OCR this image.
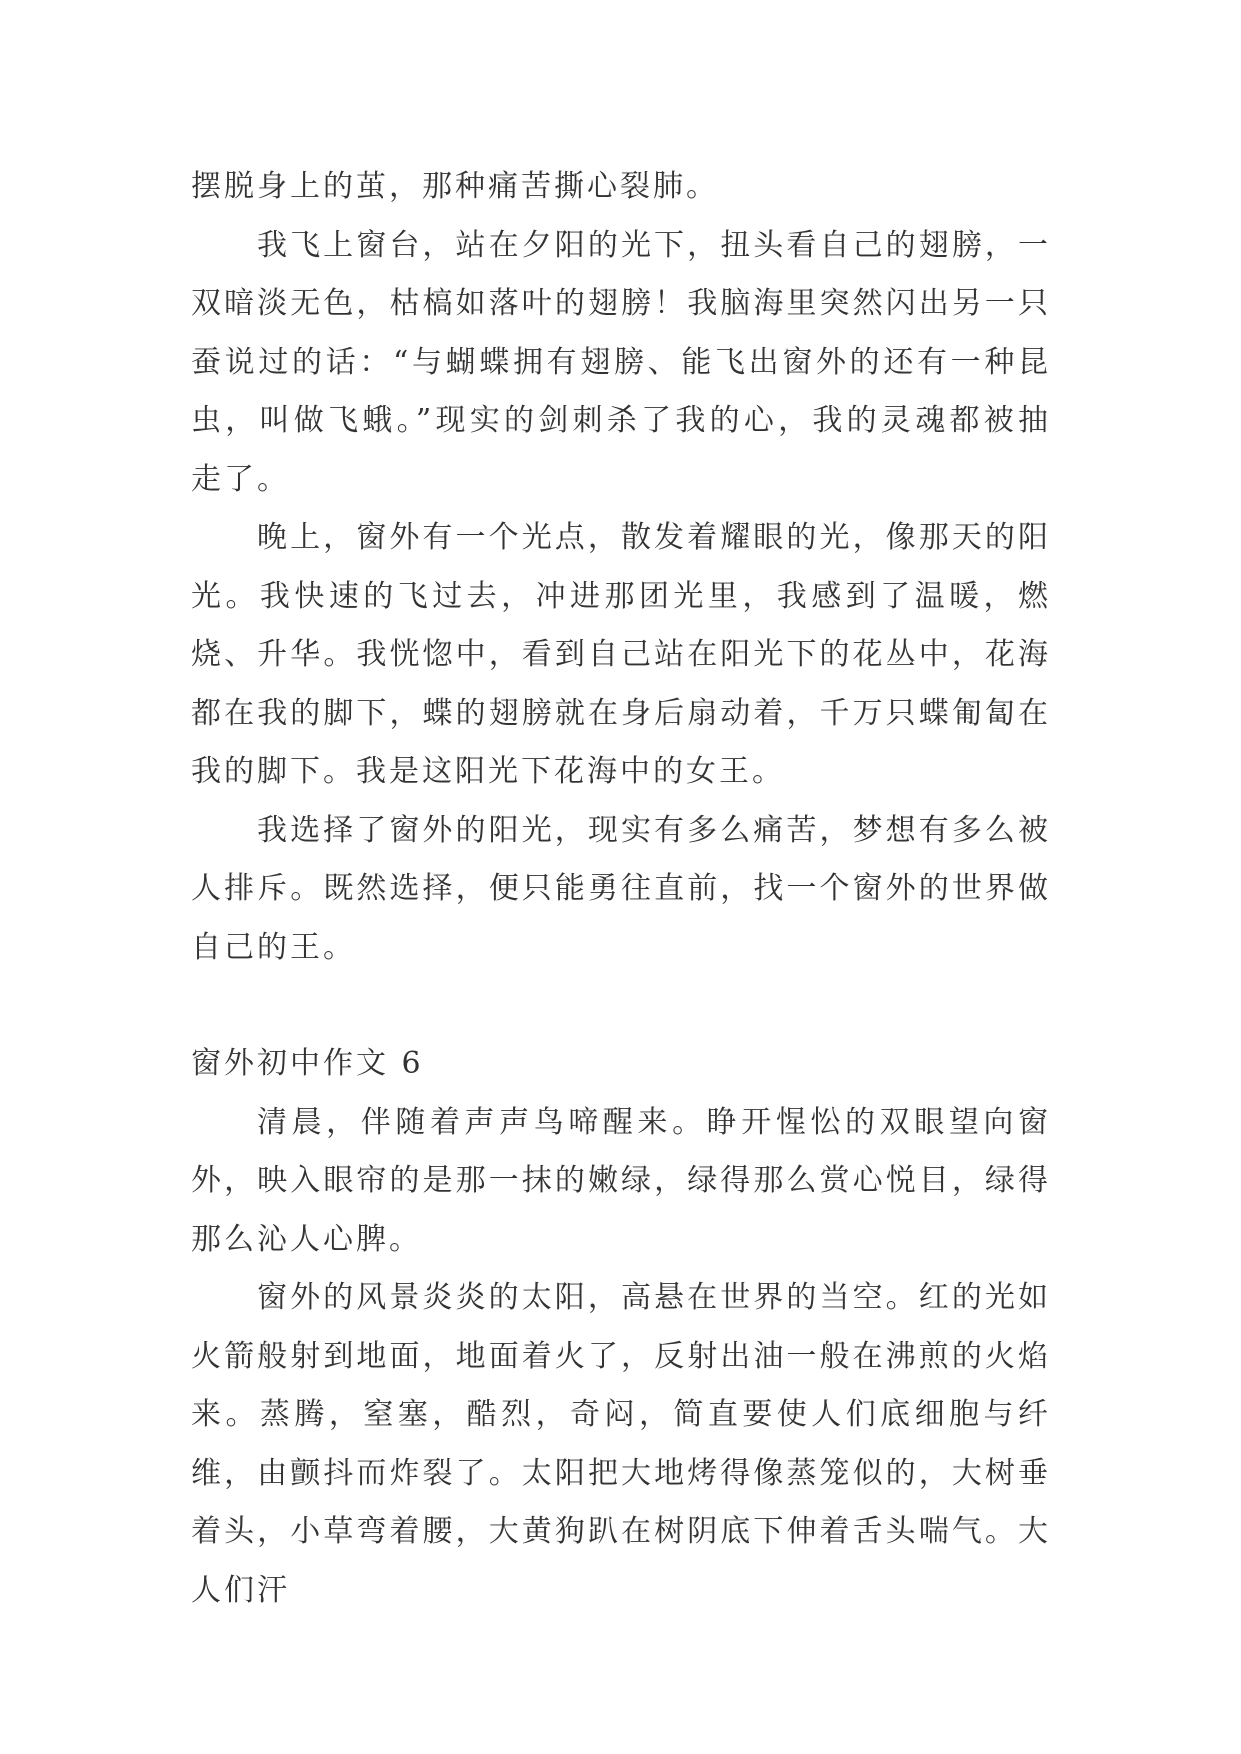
摆脱身上的茧，那种痛苦撕心裂肺。

我飞上窗台，站在夕阳的光下，扭头看自己的翅膀，一双暗淡无色，枯槁如落叶的翅膀！我脑海里突然闪出另一只蚕说过的话：“与蝴蝶拥有翅膀、能飞出窗外的还有一种昆虫，叫做飞蛾。”现实的剑刺杀了我的心，我的灵魂都被抽走了。

晚上，窗外有一个光点，散发着耀眼的光，像那天的阳光。我快速的飞过去，冲进那团光里，我感到了温暖，燃烧、升华。我恍惚中，看到自己站在阳光下的花丛中，花海都在我的脚下，蝶的翅膀就在身后扇动着，千万只蝶匍匐在我的脚下。我是这阳光下花海中的女王。

我选择了窗外的阳光，现实有多么痛苦，梦想有多么被人排斥。既然选择，便只能勇往直前，找一个窗外的世界做自己的王。

窗外初中作文 6

清晨，伴随着声声鸟啼醒来。睁开惺忪的双眼望向窗外，映入眼帘的是那一抹的嫩绿，绿得那么赏心悦目，绿得那么沁人心脾。

窗外的风景炎炎的太阳，高悬在世界的当空。红的光如火箭般射到地面，地面着火了，反射出油一般在沸煎的火焰来。蒸腾，窒塞，酷烈，奇闷，简直要使人们底细胞与纤维，由颤抖而炸裂了。太阳把大地烤得像蒸笼似的，大树垂着头，小草弯着腰，大黄狗趴在树阴底下伸着舌头喘气。大人们汗
